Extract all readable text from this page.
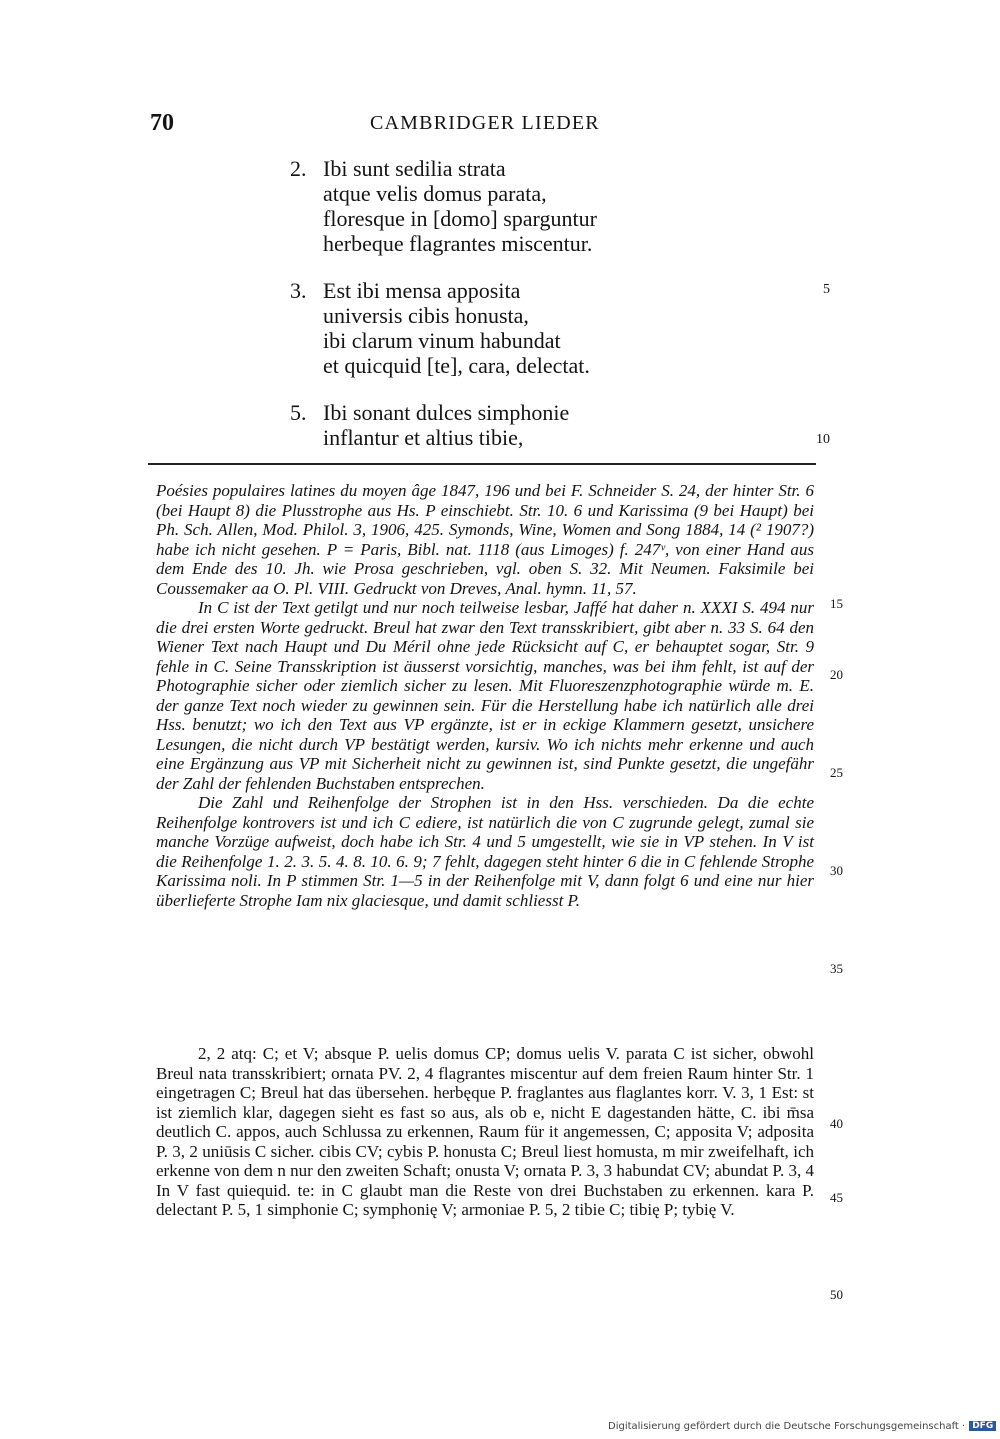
70	CAMBRIDGER LIEDER
2. Ibi sunt sedilia strata
atque velis domus parata,
floresque in [domo] sparguntur
herbeque flagrantes miscentur.
3.	5
Est ibi mensa apposita
universis cibis honusta,
ibi clarum vinum habundat
et quicquid [te], cara, delectat.
5.
10
Ibi sonant dulces simphonie
inflantur et altius tibie,

Poésies populaires latines du moyen âge 1847, 196 und bei F. Schneider S. 24, der hinter Str. 6 (bei Haupt 8) die Plusstrophe aus Hs. P einschiebt. Str. 10. 6 und Karissima (9 bei Haupt) bei Ph. Sch. Allen, Mod. Philol. 3, 1906, 425. Symonds, Wine, Women and Song 1884, 14 (² 1907?) habe ich nicht gesehen. P = Paris, Bibl. nat. 1118 (aus Limoges) f. 247ᵛ, von einer Hand aus dem Ende des 10. Jh. wie Prosa geschrieben, vgl. oben S. 32. Mit Neumen. Faksimile bei Coussemaker aa O. Pl. VIII. Gedruckt von Dreves, Anal. hymn. 11, 57.

In C ist der Text getilgt und nur noch teilweise lesbar, Jaffé hat daher n. XXXI S. 494 nur die drei ersten Worte gedruckt. Breul hat zwar den Text transskribiert, gibt aber n. 33 S. 64 den Wiener Text nach Haupt und Du Méril ohne jede Rücksicht auf C, er behauptet sogar, Str. 9 fehle in C. Seine Transskription ist äusserst vorsichtig, manches, was bei ihm fehlt, ist auf der Photographie sicher oder ziemlich sicher zu lesen. Mit Fluoreszenzphotographie würde m. E. der ganze Text noch wieder zu gewinnen sein. Für die Herstellung habe ich natürlich alle drei Hss. benutzt; wo ich den Text aus VP ergänzte, ist er in eckige Klammern gesetzt, unsichere Lesungen, die nicht durch VP bestätigt werden, kursiv. Wo ich nichts mehr erkenne und auch eine Ergänzung aus VP mit Sicherheit nicht zu gewinnen ist, sind Punkte gesetzt, die ungefähr der Zahl der fehlenden Buchstaben entsprechen.

Die Zahl und Reihenfolge der Strophen ist in den Hss. verschieden. Da die echte Reihenfolge kontrovers ist und ich C ediere, ist natürlich die von C zugrunde gelegt, zumal sie manche Vorzüge aufweist, doch habe ich Str. 4 und 5 umgestellt, wie sie in VP stehen. In V ist die Reihenfolge 1. 2. 3. 5. 4. 8. 10. 6. 9; 7 fehlt, dagegen steht hinter 6 die in C fehlende Strophe Karissima noli. In P stimmen Str. 1—5 in der Reihenfolge mit V, dann folgt 6 und eine nur hier überlieferte Strophe Iam nix glaciesque, und damit schliesst P.

15
20
25
30
35

2, 2 atq: C; et V; absque P. uelis domus CP; domus uelis V. parata C ist sicher, obwohl Breul nata transskribiert; ornata PV. 2, 4 flagrantes miscentur auf dem freien Raum hinter Str. 1 eingetragen C; Breul hat das übersehen. herbęque P. fraglantes aus flaglantes korr. V. 3, 1 Est: st ist ziemlich klar, dagegen sieht es fast so aus, als ob e, nicht E dagestanden hätte, C. ibi m̄sa deutlich C. appos, auch Schlussa zu erkennen, Raum für it angemessen, C; apposita V; adposita P. 3, 2 uniūsis C sicher. cibis CV; cybis P. honusta C; Breul liest homusta, m mir zweifelhaft, ich erkenne von dem n nur den zweiten Schaft; onusta V; ornata P. 3, 3 habundat CV; abundat P. 3, 4 In V fast quiequid. te: in C glaubt man die Reste von drei Buchstaben zu erkennen. kara P. delectant P. 5, 1 simphonie C; symphonię V; armoniae P. 5, 2 tibie C; tibię P; tybię V.

40
45
50
Digitalisierung gefördert durch die Deutsche Forschungsgemeinschaft · DFG
